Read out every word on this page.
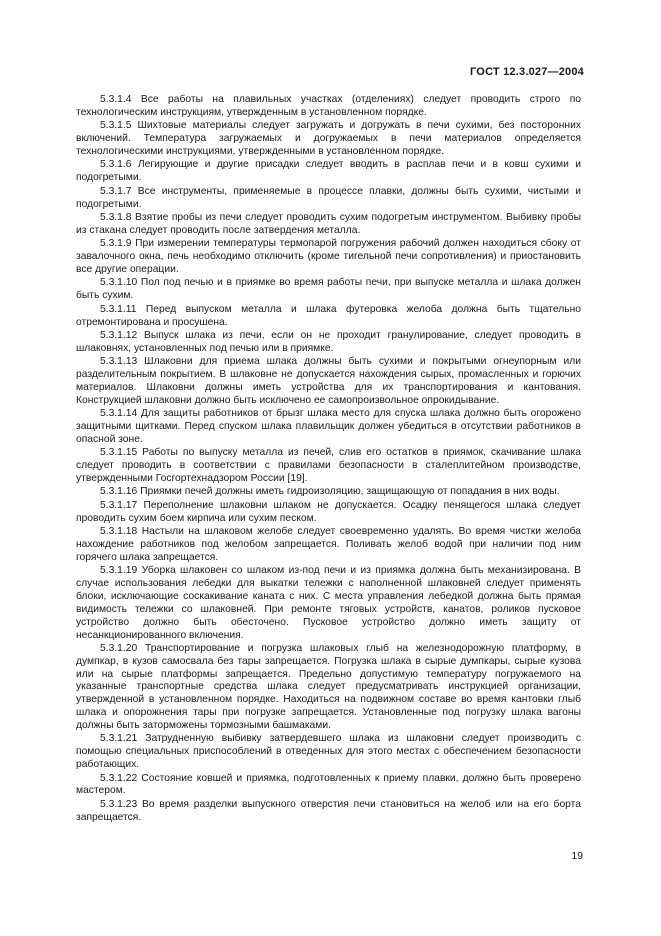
ГОСТ 12.3.027—2004

5.3.1.4 Все работы на плавильных участках (отделениях) следует проводить строго по технологическим инструкциям, утвержденным в установленном порядке.

5.3.1.5 Шихтовые материалы следует загружать и догружать в печи сухими, без посторонних включений. Температура загружаемых и догружаемых в печи материалов определяется технологическими инструкциями, утвержденными в установленном порядке.

5.3.1.6 Легирующие и другие присадки следует вводить в расплав печи и в ковш сухими и подогретыми.

5.3.1.7 Все инструменты, применяемые в процессе плавки, должны быть сухими, чистыми и подогретыми.

5.3.1.8 Взятие пробы из печи следует проводить сухим подогретым инструментом. Выбивку пробы из стакана следует проводить после затвердения металла.

5.3.1.9 При измерении температуры термопарой погружения рабочий должен находиться сбоку от завалочного окна, печь необходимо отключить (кроме тигельной печи сопротивления) и приостановить все другие операции.

5.3.1.10 Пол под печью и в приямке во время работы печи, при выпуске металла и шлака должен быть сухим.

5.3.1.11 Перед выпуском металла и шлака футеровка желоба должна быть тщательно отремонтирована и просушена.

5.3.1.12 Выпуск шлака из печи, если он не проходит гранулирование, следует проводить в шлаковнях, установленных под печью или в приямке.

5.3.1.13 Шлаковни для приема шлака должны быть сухими и покрытыми огнеупорным или разделительным покрытием. В шлаковне не допускается нахождения сырых, промасленных и горючих материалов. Шлаковни должны иметь устройства для их транспортирования и кантования. Конструкцией шлаковни должно быть исключено ее самопроизвольное опрокидывание.

5.3.1.14 Для защиты работников от брызг шлака место для спуска шлака должно быть огорожено защитными щитками. Перед спуском шлака плавильщик должен убедиться в отсутствии работников в опасной зоне.

5.3.1.15 Работы по выпуску металла из печей, слив его остатков в приямок, скачивание шлака следует проводить в соответствии с правилами безопасности в сталеплитейном производстве, утвержденными Госгортехнадзором России [19].

5.3.1.16 Приямки печей должны иметь гидроизоляцию, защищающую от попадания в них воды.

5.3.1.17 Переполнение шлаковни шлаком не допускается. Осадку пенящегося шлака следует проводить сухим боем кирпича или сухим песком.

5.3.1.18 Настыли на шлаковом желобе следует своевременно удалять. Во время чистки желоба нахождение работников под желобом запрещается. Поливать желоб водой при наличии под ним горячего шлака запрещается.

5.3.1.19 Уборка шлаковен со шлаком из-под печи и из приямка должна быть механизирована. В случае использования лебедки для выкатки тележки с наполненной шлаковней следует применять блоки, исключающие соскакивание каната с них. С места управления лебедкой должна быть прямая видимость тележки со шлаковней. При ремонте тяговых устройств, канатов, роликов пусковое устройство должно быть обесточено. Пусковое устройство должно иметь защиту от несанкционированного включения.

5.3.1.20 Транспортирование и погрузка шлаковых глыб на железнодорожную платформу, в думпкар, в кузов самосвала без тары запрещается. Погрузка шлака в сырые думпкары, сырые кузова или на сырые платформы запрещается. Предельно допустимую температуру погружаемого на указанные транспортные средства шлака следует предусматривать инструкцией организации, утвержденной в установленном порядке. Находиться на подвижном составе во время кантовки глыб шлака и опорожнения тары при погрузке запрещается. Установленные под погрузку шлака вагоны должны быть заторможены тормозными башмаками.

5.3.1.21 Затрудненную выбивку затвердевшего шлака из шлаковни следует производить с помощью специальных приспособлений в отведенных для этого местах с обеспечением безопасности работающих.

5.3.1.22 Состояние ковшей и приямка, подготовленных к приему плавки, должно быть проверено мастером.

5.3.1.23 Во время разделки выпускного отверстия печи становиться на желоб или на его борта запрещается.

19
